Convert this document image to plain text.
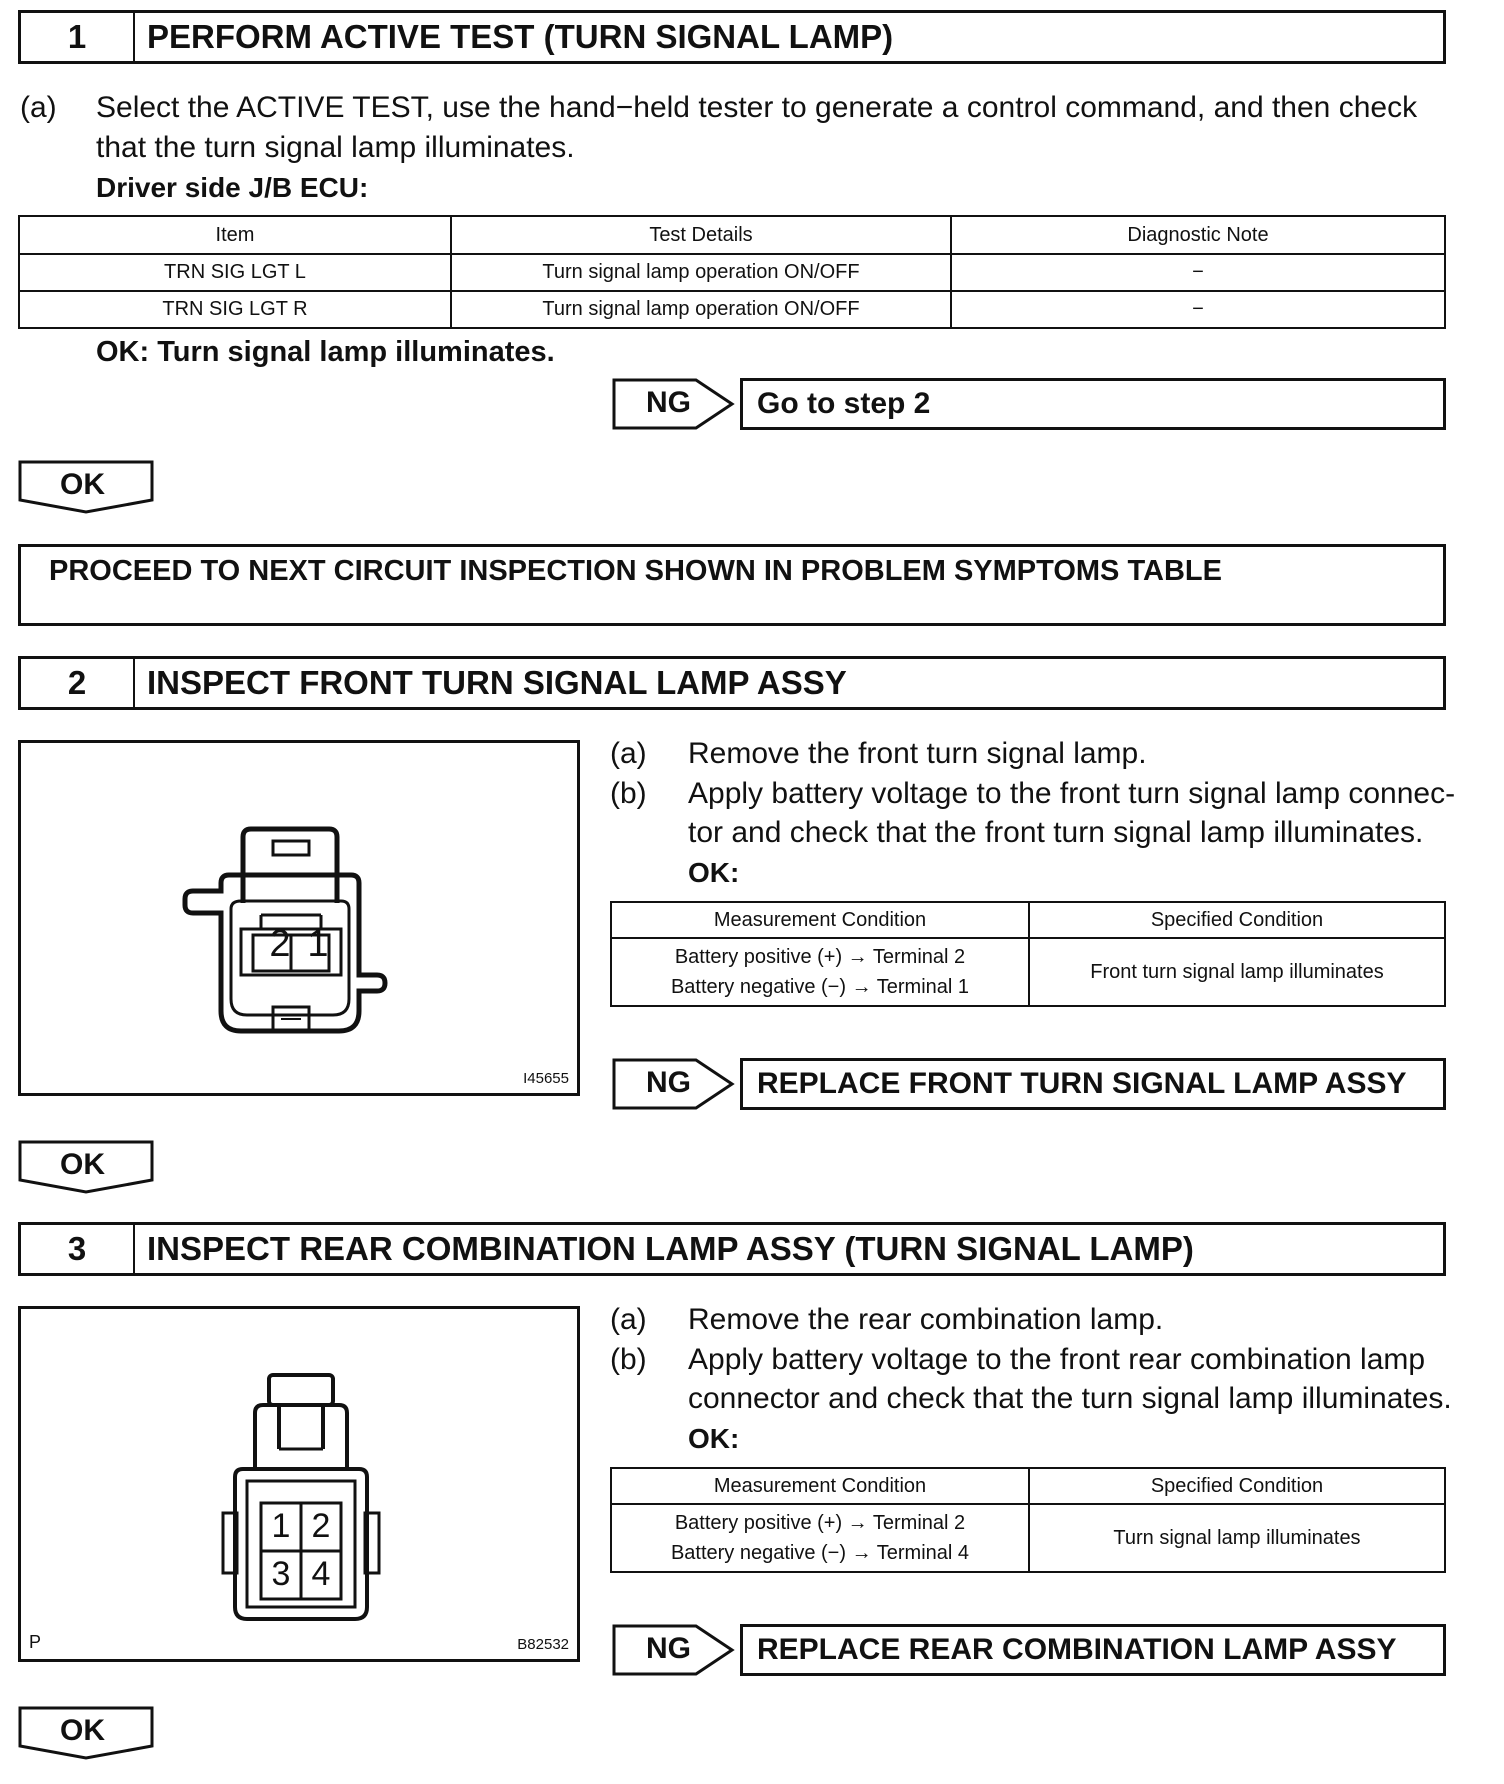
1	PERFORM ACTIVE TEST (TURN SIGNAL LAMP)
(a) Select the ACTIVE TEST, use the hand−held tester to generate a control command, and then check
that the turn signal lamp illuminates.
Driver side J/B ECU:
Item	Test Details	Diagnostic Note
TRN SIG LGT L	Turn signal lamp operation ON/OFF	−
TRN SIG LGT R	Turn signal lamp operation ON/OFF	−
OK: Turn signal lamp illuminates.
NG	Go to step 2
OK
PROCEED TO NEXT CIRCUIT INSPECTION SHOWN IN PROBLEM SYMPTOMS TABLE
2	INSPECT FRONT TURN SIGNAL LAMP ASSY
2 1
I45655
(a) Remove the front turn signal lamp.
(b) Apply battery voltage to the front turn signal lamp connec-
tor and check that the front turn signal lamp illuminates.
OK:
Measurement Condition	Specified Condition

Battery positive (+) → Terminal 2
Battery negative (−) → Terminal 1	Front turn signal lamp illuminates
NG	REPLACE FRONT TURN SIGNAL LAMP ASSY
OK
3	INSPECT REAR COMBINATION LAMP ASSY (TURN SIGNAL LAMP)
1 2
3 4
P	B82532
(a) Remove the rear combination lamp.
(b) Apply battery voltage to the front rear combination lamp
connector and check that the turn signal lamp illuminates.
OK:
Measurement Condition	Specified Condition

Battery positive (+) → Terminal 2
Battery negative (−) → Terminal 4	Turn signal lamp illuminates
NG	REPLACE REAR COMBINATION LAMP ASSY
OK
